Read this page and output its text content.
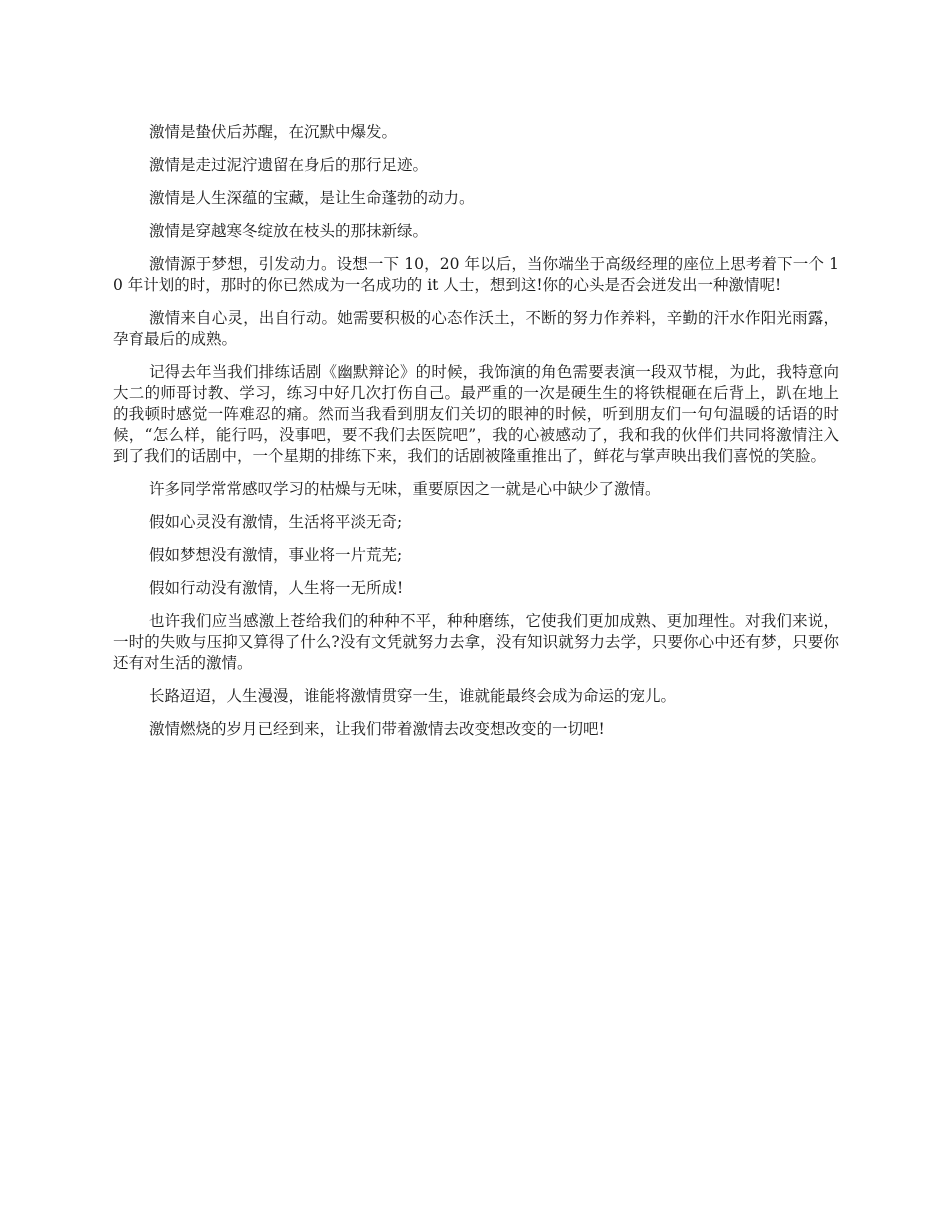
激情是蛰伏后苏醒，在沉默中爆发。

激情是走过泥泞遗留在身后的那行足迹。

激情是人生深蕴的宝藏，是让生命蓬勃的动力。

激情是穿越寒冬绽放在枝头的那抹新绿。

激情源于梦想，引发动力。设想一下 10，20 年以后，当你端坐于高级经理的座位上思考着下一个 10 年计划的时，那时的你已然成为一名成功的 it 人士，想到这!你的心头是否会迸发出一种激情呢!

激情来自心灵，出自行动。她需要积极的心态作沃土，不断的努力作养料，辛勤的汗水作阳光雨露，孕育最后的成熟。

记得去年当我们排练话剧《幽默辩论》的时候，我饰演的角色需要表演一段双节棍，为此，我特意向大二的师哥讨教、学习，练习中好几次打伤自己。最严重的一次是硬生生的将铁棍砸在后背上，趴在地上的我顿时感觉一阵难忍的痛。然而当我看到朋友们关切的眼神的时候，听到朋友们一句句温暖的话语的时候，“怎么样，能行吗，没事吧，要不我们去医院吧”，我的心被感动了，我和我的伙伴们共同将激情注入到了我们的话剧中，一个星期的排练下来，我们的话剧被隆重推出了，鲜花与掌声映出我们喜悦的笑脸。

许多同学常常感叹学习的枯燥与无味，重要原因之一就是心中缺少了激情。

假如心灵没有激情，生活将平淡无奇;

假如梦想没有激情，事业将一片荒芜;

假如行动没有激情，人生将一无所成!

也许我们应当感激上苍给我们的种种不平，种种磨练，它使我们更加成熟、更加理性。对我们来说，一时的失败与压抑又算得了什么?没有文凭就努力去拿，没有知识就努力去学，只要你心中还有梦，只要你还有对生活的激情。

长路迢迢，人生漫漫，谁能将激情贯穿一生，谁就能最终会成为命运的宠儿。

激情燃烧的岁月已经到来，让我们带着激情去改变想改变的一切吧!
